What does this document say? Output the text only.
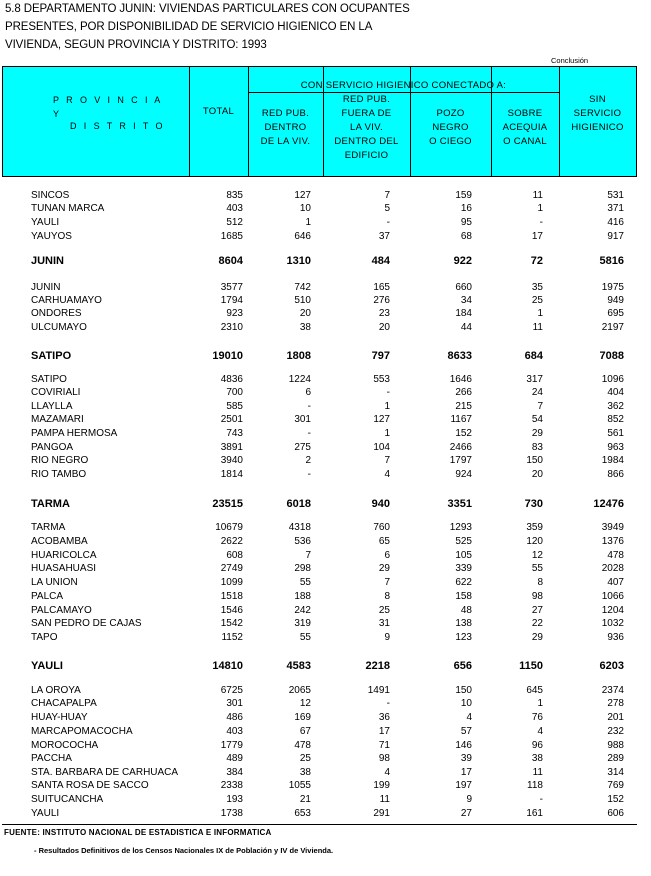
5.8 DEPARTAMENTO JUNIN: VIVIENDAS PARTICULARES CON OCUPANTES
PRESENTES, POR DISPONIBILIDAD DE SERVICIO HIGIENICO EN LA
VIVIENDA, SEGUN PROVINCIA Y DISTRITO: 1993
Conclusión
P R O V I N C I A Y
D I S T R I T O
TOTAL
CON SERVICIO HIGIENICO CONECTADO A:
RED PUB.
DENTRO
DE LA VIV.
RED PUB.
FUERA DE
LA VIV.
DENTRO DEL
EDIFICIO
POZO
NEGRO
O CIEGO
SOBRE
ACEQUIA
O CANAL
SIN
SERVICIO
HIGIENICO
SINCOS	835	127	7	159	11	531
TUNAN MARCA	403	10	5	16	1	371
YAULI	512	1	-	95	-	416
YAUYOS	1685	646	37	68	17	917
JUNIN	8604	1310	484	922	72	5816
JUNIN	3577	742	165	660	35	1975
CARHUAMAYO	1794	510	276	34	25	949
ONDORES	923	20	23	184	1	695
ULCUMAYO	2310	38	20	44	11	2197
SATIPO	19010	1808	797	8633	684	7088
SATIPO	4836	1224	553	1646	317	1096
COVIRIALI	700	6	-	266	24	404
LLAYLLA	585	-	1	215	7	362
MAZAMARI	2501	301	127	1167	54	852
PAMPA HERMOSA	743	-	1	152	29	561
PANGOA	3891	275	104	2466	83	963
RIO NEGRO	3940	2	7	1797	150	1984
RIO TAMBO	1814	-	4	924	20	866
TARMA	23515	6018	940	3351	730	12476
TARMA	10679	4318	760	1293	359	3949
ACOBAMBA	2622	536	65	525	120	1376
HUARICOLCA	608	7	6	105	12	478
HUASAHUASI	2749	298	29	339	55	2028
LA UNION	1099	55	7	622	8	407
PALCA	1518	188	8	158	98	1066
PALCAMAYO	1546	242	25	48	27	1204
SAN PEDRO DE CAJAS	1542	319	31	138	22	1032
TAPO	1152	55	9	123	29	936
YAULI	14810	4583	2218	656	1150	6203
LA OROYA	6725	2065	1491	150	645	2374
CHACAPALPA	301	12	-	10	1	278
HUAY-HUAY	486	169	36	4	76	201
MARCAPOMACOCHA	403	67	17	57	4	232
MOROCOCHA	1779	478	71	146	96	988
PACCHA	489	25	98	39	38	289
STA. BARBARA DE CARHUACA	384	38	4	17	11	314
SANTA ROSA DE SACCO	2338	1055	199	197	118	769
SUITUCANCHA	193	21	11	9	-	152
YAULI	1738	653	291	27	161	606
FUENTE: INSTITUTO NACIONAL DE ESTADISTICA E INFORMATICA
- Resultados Definitivos de los Censos Nacionales IX de Población y IV de Vivienda.
